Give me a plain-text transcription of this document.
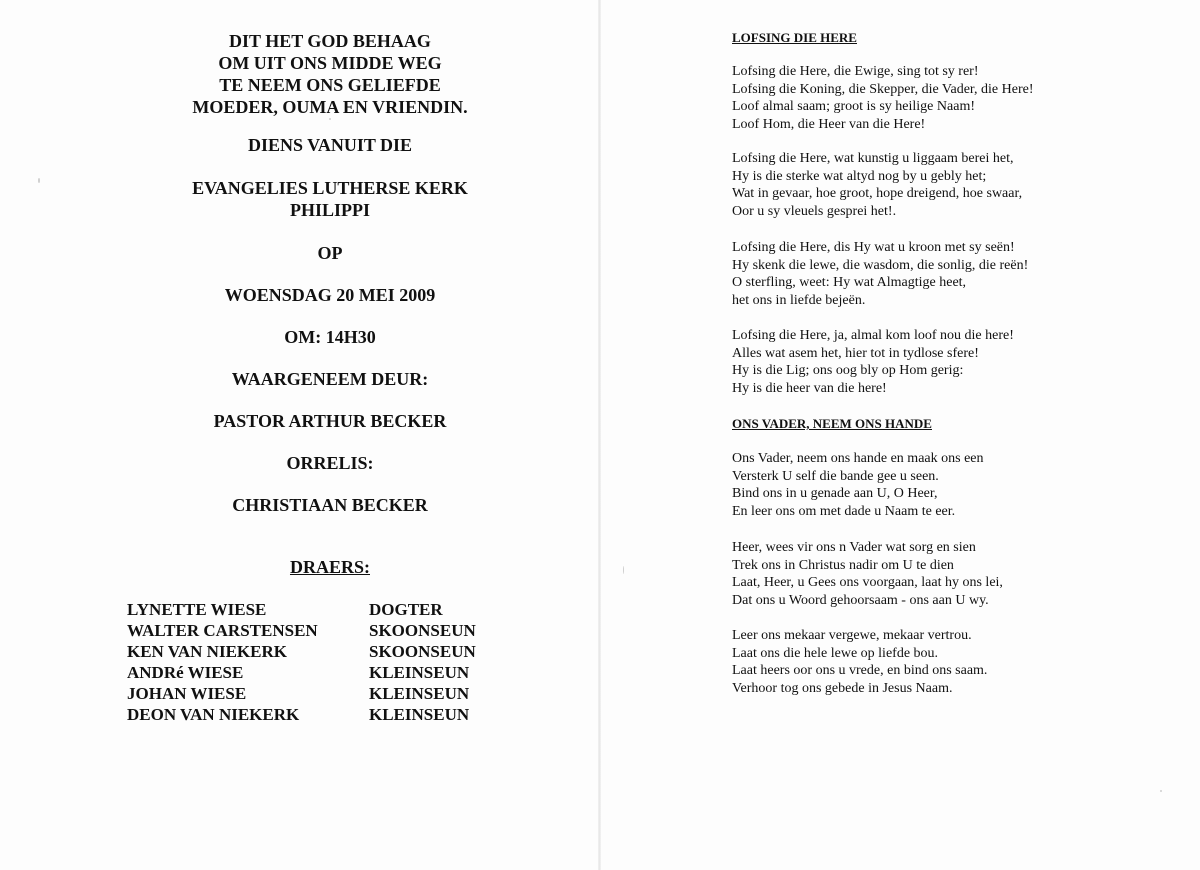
DIT HET GOD BEHAAG
OM UIT ONS MIDDE WEG
TE NEEM ONS GELIEFDE
MOEDER, OUMA EN VRIENDIN.
DIENS VANUIT DIE
EVANGELIES LUTHERSE KERK
PHILIPPI
OP
WOENSDAG 20 MEI 2009
OM: 14H30
WAARGENEEM DEUR:
PASTOR ARTHUR BECKER
ORRELIS:
CHRISTIAAN BECKER
DRAERS:
LYNETTE WIESE	DOGTER
WALTER CARSTENSEN	SKOONSEUN
KEN VAN NIEKERK	SKOONSEUN
ANDRé WIESE	KLEINSEUN
JOHAN WIESE	KLEINSEUN
DEON VAN NIEKERK	KLEINSEUN
LOFSING DIE HERE
Lofsing die Here, die Ewige, sing tot sy rer!
Lofsing die Koning, die Skepper, die Vader, die Here!
Loof almal saam; groot is sy heilige Naam!
Loof Hom, die Heer van die Here!
Lofsing die Here, wat kunstig u liggaam berei het,
Hy is die sterke wat altyd nog by u gebly het;
Wat in gevaar, hoe groot, hope dreigend, hoe swaar,
Oor u sy vleuels gesprei het!.
Lofsing die Here, dis Hy wat u kroon met sy seën!
Hy skenk die lewe, die wasdom, die sonlig, die reën!
O sterfling, weet: Hy wat Almagtige heet,
het ons in liefde bejeën.
Lofsing die Here, ja, almal kom loof nou die here!
Alles wat asem het, hier tot in tydlose sfere!
Hy is die Lig; ons oog bly op Hom gerig:
Hy is die heer van die here!
ONS VADER, NEEM ONS HANDE
Ons Vader, neem ons hande en maak ons een
Versterk U self die bande gee u seen.
Bind ons in u genade aan U, O Heer,
En leer ons om met dade u Naam te eer.
Heer, wees vir ons n Vader wat sorg en sien
Trek ons in Christus nadir om U te dien
Laat, Heer, u Gees ons voorgaan, laat hy ons lei,
Dat ons u Woord gehoorsaam - ons aan U wy.
Leer ons mekaar vergewe, mekaar vertrou.
Laat ons die hele lewe op liefde bou.
Laat heers oor ons u vrede, en bind ons saam.
Verhoor tog ons gebede in Jesus Naam.
